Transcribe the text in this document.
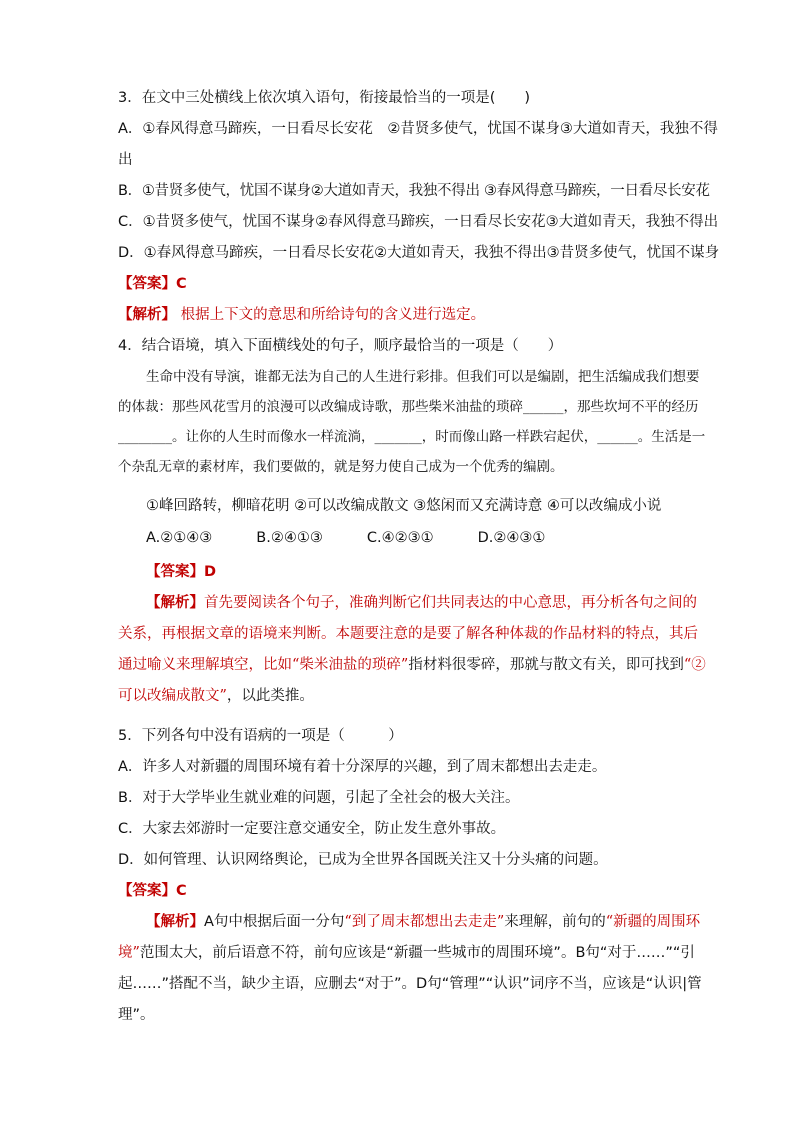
3．在文中三处横线上依次填入语句，衔接最恰当的一项是(　　)

A．①春风得意马蹄疾，一日看尽长安花　②昔贤多使气，忧国不谋身③大道如青天，我独不得

出

B．①昔贤多使气，忧国不谋身②大道如青天，我独不得出 ③春风得意马蹄疾，一日看尽长安花

C．①昔贤多使气，忧国不谋身②春风得意马蹄疾，一日看尽长安花③大道如青天，我独不得出

D．①春风得意马蹄疾，一日看尽长安花②大道如青天，我独不得出③昔贤多使气，忧国不谋身

【答案】C

【解析】 根据上下文的意思和所给诗句的含义进行选定。

4．结合语境，填入下面横线处的句子，顺序最恰当的一项是（　　）

生命中没有导演，谁都无法为自己的人生进行彩排。但我们可以是编剧，把生活编成我们想要的体裁：那些风花雪月的浪漫可以改编成诗歌，那些柴米油盐的琐碎______，那些坎坷不平的经历________。让你的人生时而像水一样流淌，_______，时而像山路一样跌宕起伏，______。生活是一个杂乱无章的素材库，我们要做的，就是努力使自己成为一个优秀的编剧。

①峰回路转，柳暗花明 ②可以改编成散文 ③悠闲而又充满诗意 ④可以改编成小说

A.②①④③	B.②④①③	C.④②③①	D.②④③①

【答案】D

【解析】首先要阅读各个句子，准确判断它们共同表达的中心意思，再分析各句之间的关系，再根据文章的语境来判断。本题要注意的是要了解各种体裁的作品材料的特点，其后通过喻义来理解填空，比如“柴米油盐的琐碎”指材料很零碎，那就与散文有关，即可找到“②可以改编成散文”，以此类推。

5．下列各句中没有语病的一项是（　　　）

A．许多人对新疆的周围环境有着十分深厚的兴趣，到了周末都想出去走走。

B．对于大学毕业生就业难的问题，引起了全社会的极大关注。

C．大家去郊游时一定要注意交通安全，防止发生意外事故。

D．如何管理、认识网络舆论，已成为全世界各国既关注又十分头痛的问题。

【答案】C

【解析】A句中根据后面一分句“到了周末都想出去走走”来理解，前句的“新疆的周围环境”范围太大，前后语意不符，前句应该是“新疆一些城市的周围环境”。B句“对于……”“引起……”搭配不当，缺少主语，应删去“对于”。D句“管理”“认识”词序不当，应该是“认识|管理”。
